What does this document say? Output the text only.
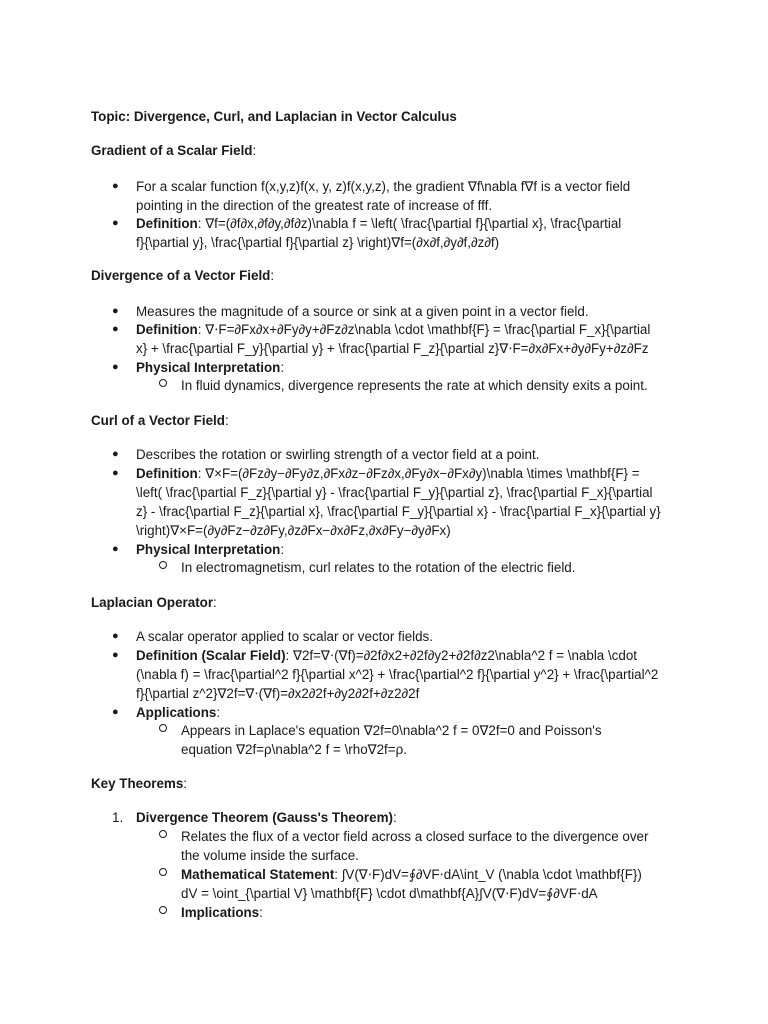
Topic: Divergence, Curl, and Laplacian in Vector Calculus
Gradient of a Scalar Field:
● For a scalar function f(x,y,z)f(x, y, z)f(x,y,z), the gradient ∇f\nabla f∇f is a vector field
pointing in the direction of the greatest rate of increase of fff.
● Definition: ∇f=(∂f∂x,∂f∂y,∂f∂z)\nabla f = \left( \frac{\partial f}{\partial x}, \frac{\partial
f}{\partial y}, \frac{\partial f}{\partial z} \right)∇f=(∂x∂f,∂y∂f,∂z∂f)
Divergence of a Vector Field:
● Measures the magnitude of a source or sink at a given point in a vector field.
● Definition: ∇⋅F=∂Fx∂x+∂Fy∂y+∂Fz∂z\nabla \cdot \mathbf{F} = \frac{\partial F_x}{\partial
x} + \frac{\partial F_y}{\partial y} + \frac{\partial F_z}{\partial z}∇⋅F=∂x∂Fx+∂y∂Fy+∂z∂Fz
● Physical Interpretation:
In fluid dynamics, divergence represents the rate at which density exits a point.
Curl of a Vector Field:
● Describes the rotation or swirling strength of a vector field at a point.
● Definition: ∇×F=(∂Fz∂y−∂Fy∂z,∂Fx∂z−∂Fz∂x,∂Fy∂x−∂Fx∂y)\nabla \times \mathbf{F} =
\left( \frac{\partial F_z}{\partial y} - \frac{\partial F_y}{\partial z}, \frac{\partial F_x}{\partial
z} - \frac{\partial F_z}{\partial x}, \frac{\partial F_y}{\partial x} - \frac{\partial F_x}{\partial y}
\right)∇×F=(∂y∂Fz−∂z∂Fy,∂z∂Fx−∂x∂Fz,∂x∂Fy−∂y∂Fx)
● Physical Interpretation:
In electromagnetism, curl relates to the rotation of the electric field.
Laplacian Operator:
● A scalar operator applied to scalar or vector fields.
● Definition (Scalar Field): ∇2f=∇⋅(∇f)=∂2f∂x2+∂2f∂y2+∂2f∂z2\nabla^2 f = \nabla \cdot
(\nabla f) = \frac{\partial^2 f}{\partial x^2} + \frac{\partial^2 f}{\partial y^2} + \frac{\partial^2
f}{\partial z^2}∇2f=∇⋅(∇f)=∂x2∂2f+∂y2∂2f+∂z2∂2f
● Applications:
Appears in Laplace's equation ∇2f=0\nabla^2 f = 0∇2f=0 and Poisson's
equation ∇2f=ρ\nabla^2 f = \rho∇2f=ρ.
Key Theorems:
1. Divergence Theorem (Gauss's Theorem):
Relates the flux of a vector field across a closed surface to the divergence over
the volume inside the surface.
Mathematical Statement: ∫V(∇⋅F)dV=∮∂VF⋅dA\int_V (\nabla \cdot \mathbf{F})
dV = \oint_{\partial V} \mathbf{F} \cdot d\mathbf{A}∫V(∇⋅F)dV=∮∂VF⋅dA
Implications:
